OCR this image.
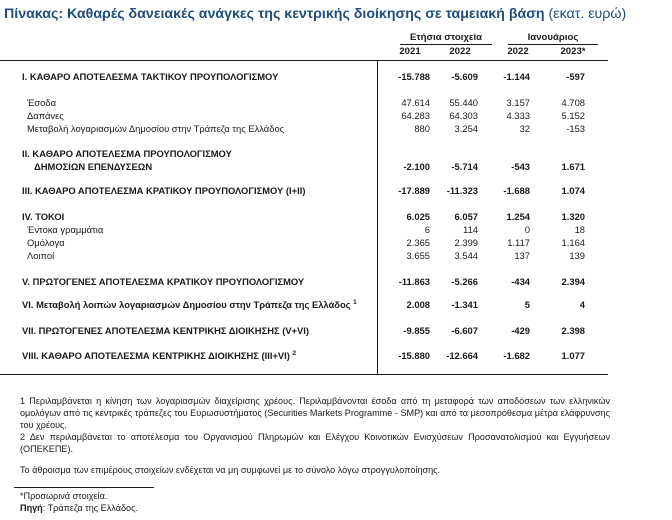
Πίνακας: Καθαρές δανειακές ανάγκες της κεντρικής διοίκησης σε ταμειακή βάση (εκατ. ευρώ)
Ετήσια στοιχεία	Ιανουάριος
2021	2022	2022	2023*
Ι. ΚΑΘΑΡΟ ΑΠΟΤΕΛΕΣΜΑ ΤΑΚΤΙΚΟΥ ΠΡΟΥΠΟΛΟΓΙΣΜΟΥ	-15.788	-5.609	-1.144	-597
Έσοδα	47.614	55.440	3.157	4.708
Δαπάνες	64.283	64.303	4.333	5.152
Μεταβολή λογαριασμών Δημοσίου στην Τράπεζα της Ελλάδος	880	3.254	32	-153
ΙΙ. ΚΑΘΑΡΟ ΑΠΟΤΕΛΕΣΜΑ ΠΡΟΥΠΟΛΟΓΙΣΜΟΥ
ΔΗΜΟΣΙΩΝ ΕΠΕΝΔΥΣΕΩΝ	-2.100	-5.714	-543	1.671
ΙΙΙ. ΚΑΘΑΡΟ ΑΠΟΤΕΛΕΣΜΑ ΚΡΑΤΙΚΟΥ ΠΡΟΥΠΟΛΟΓΙΣΜΟΥ (Ι+ΙΙ)	-17.889	-11.323	-1.688	1.074
IV. ΤΟΚΟΙ	6.025	6.057	1.254	1.320
Έντοκα γραμμάτια	6	114	0	18
Ομόλογα	2.365	2.399	1.117	1.164
Λοιποί	3.655	3.544	137	139
V. ΠΡΩΤΟΓΕΝΕΣ ΑΠΟΤΕΛΕΣΜΑ ΚΡΑΤΙΚΟΥ ΠΡΟΥΠΟΛΟΓΙΣΜΟΥ	-11.863	-5.266	-434	2.394
VI. Μεταβολή λοιπών λογαριασμών Δημοσίου στην Τράπεζα της Ελλάδος $^1$	2.008	-1.341	5	4
VII. ΠΡΩΤΟΓΕΝΕΣ ΑΠΟΤΕΛΕΣΜΑ ΚΕΝΤΡΙΚΗΣ ΔΙΟΙΚΗΣΗΣ (V+VI)	-9.855	-6.607	-429	2.398
VIII. ΚΑΘΑΡΟ ΑΠΟΤΕΛΕΣΜΑ ΚΕΝΤΡΙΚΗΣ ΔΙΟΙΚΗΣΗΣ (ΙΙΙ+VI) $^2$	-15.880	-12.664	-1.682	1.077

1 Περιλαμβάνεται η κίνηση των λογαριασμών διαχείρισης χρέους. Περιλαμβάνονται έσοδα από τη μεταφορά των αποδόσεων των ελληνικών ομολόγων από τις κεντρικές τράπεζες του Ευρωσυστήματος (Securities Markets Programme - SMP) και από τα μεσοπρόθεσμα μέτρα ελάφρυνσης του χρέους.

2 Δεν περιλαμβάνεται το αποτέλεσμα του Οργανισμού Πληρωμών και Ελέγχου Κοινοτικών Ενισχύσεων Προσανατολισμού και Εγγυήσεων (ΟΠΕΚΕΠΕ).

Το άθροισμα των επιμέρους στοιχείων ενδέχεται να μη συμφωνεί με το σύνολο λόγω στρογγυλοποίησης.

*Προσωρινά στοιχεία.

Πηγή: Τράπεζα της Ελλάδος.
